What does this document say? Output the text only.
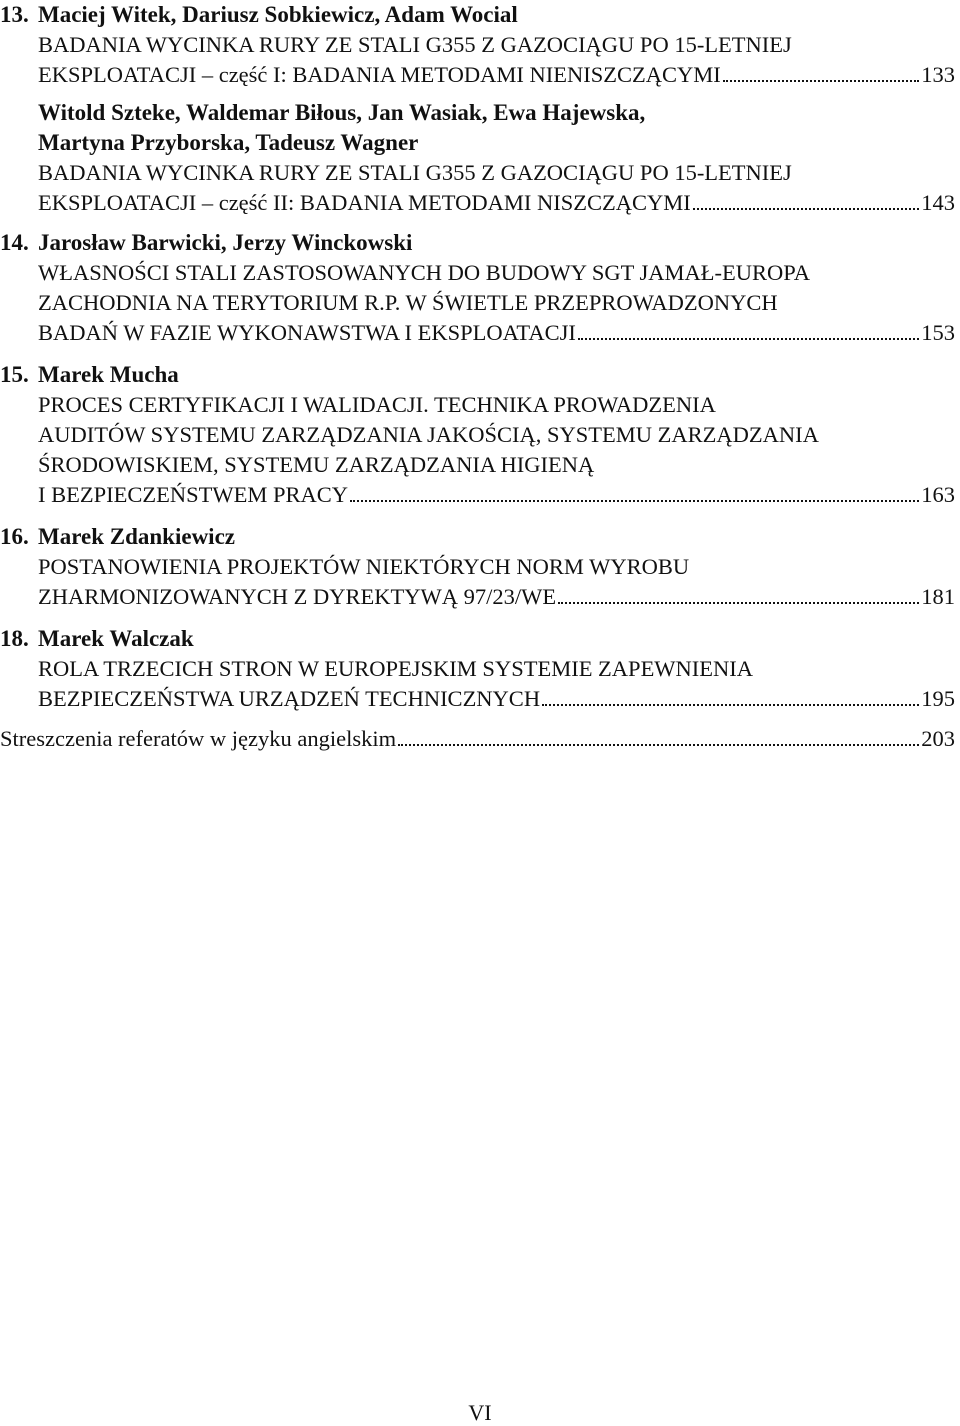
13. Maciej Witek, Dariusz Sobkiewicz, Adam Wocial
BADANIA WYCINKA RURY ZE STALI G355 Z GAZOCIĄGU PO 15-LETNIEJ
EKSPLOATACJI – część I: BADANIA METODAMI NIENISZCZĄCYMI	133
Witold Szteke, Waldemar Biłous, Jan Wasiak, Ewa Hajewska,
Martyna Przyborska, Tadeusz Wagner
BADANIA WYCINKA RURY ZE STALI G355 Z GAZOCIĄGU PO 15-LETNIEJ
EKSPLOATACJI – część II: BADANIA METODAMI NISZCZĄCYMI	143
14. Jarosław Barwicki, Jerzy Winckowski
WŁASNOŚCI STALI ZASTOSOWANYCH DO BUDOWY SGT JAMAŁ-EUROPA
ZACHODNIA NA TERYTORIUM R.P. W ŚWIETLE PRZEPROWADZONYCH
BADAŃ W FAZIE WYKONAWSTWA I EKSPLOATACJI	153
15. Marek Mucha
PROCES CERTYFIKACJI I WALIDACJI. TECHNIKA PROWADZENIA
AUDITÓW SYSTEMU ZARZĄDZANIA JAKOŚCIĄ, SYSTEMU ZARZĄDZANIA
ŚRODOWISKIEM, SYSTEMU ZARZĄDZANIA HIGIENĄ
I BEZPIECZEŃSTWEM PRACY	163
16. Marek Zdankiewicz
POSTANOWIENIA PROJEKTÓW NIEKTÓRYCH NORM WYROBU
ZHARMONIZOWANYCH Z DYREKTYWĄ 97/23/WE	181
18. Marek Walczak
ROLA TRZECICH STRON W EUROPEJSKIM SYSTEMIE ZAPEWNIENIA
BEZPIECZEŃSTWA URZĄDZEŃ TECHNICZNYCH	195
Streszczenia referatów w języku angielskim	203
VI
